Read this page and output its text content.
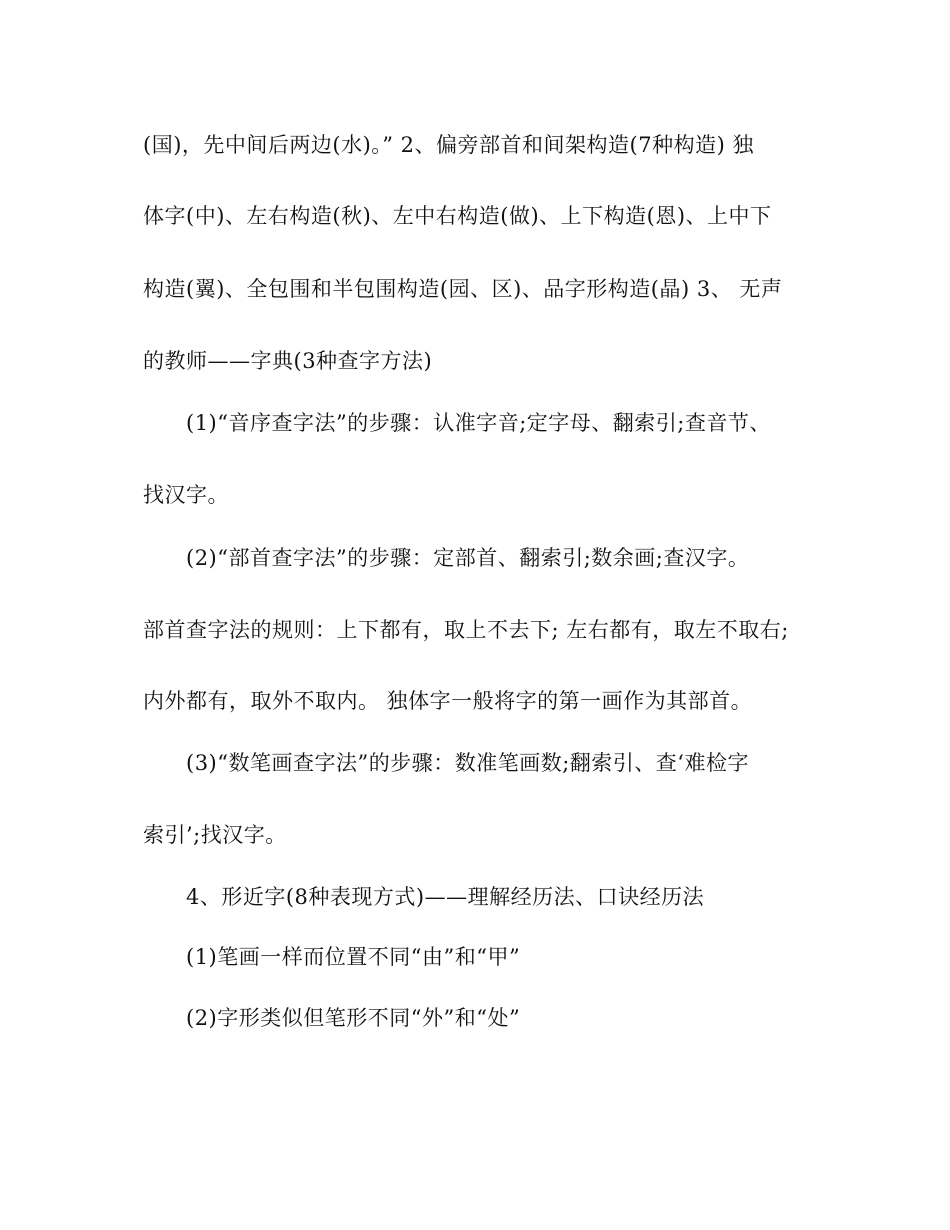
(国)，先中间后两边(水)。” 2、偏旁部首和间架构造(7种构造) 独
体字(中)、左右构造(秋)、左中右构造(做)、上下构造(恩)、上中下
构造(翼)、全包围和半包围构造(园、区)、品字形构造(晶) 3、 无声
的教师——字典(3种查字方法)
(1)“音序查字法”的步骤：认准字音;定字母、翻索引;查音节、
找汉字。
(2)“部首查字法”的步骤：定部首、翻索引;数余画;查汉字。
部首查字法的规则：上下都有，取上不去下; 左右都有，取左不取右;
内外都有，取外不取内。 独体字一般将字的第一画作为其部首。
(3)“数笔画查字法”的步骤：数准笔画数;翻索引、查‘难检字
索引’;找汉字。
4、形近字(8种表现方式)——理解经历法、口诀经历法
(1)笔画一样而位置不同“由”和“甲”
(2)字形类似但笔形不同“外”和“处”
